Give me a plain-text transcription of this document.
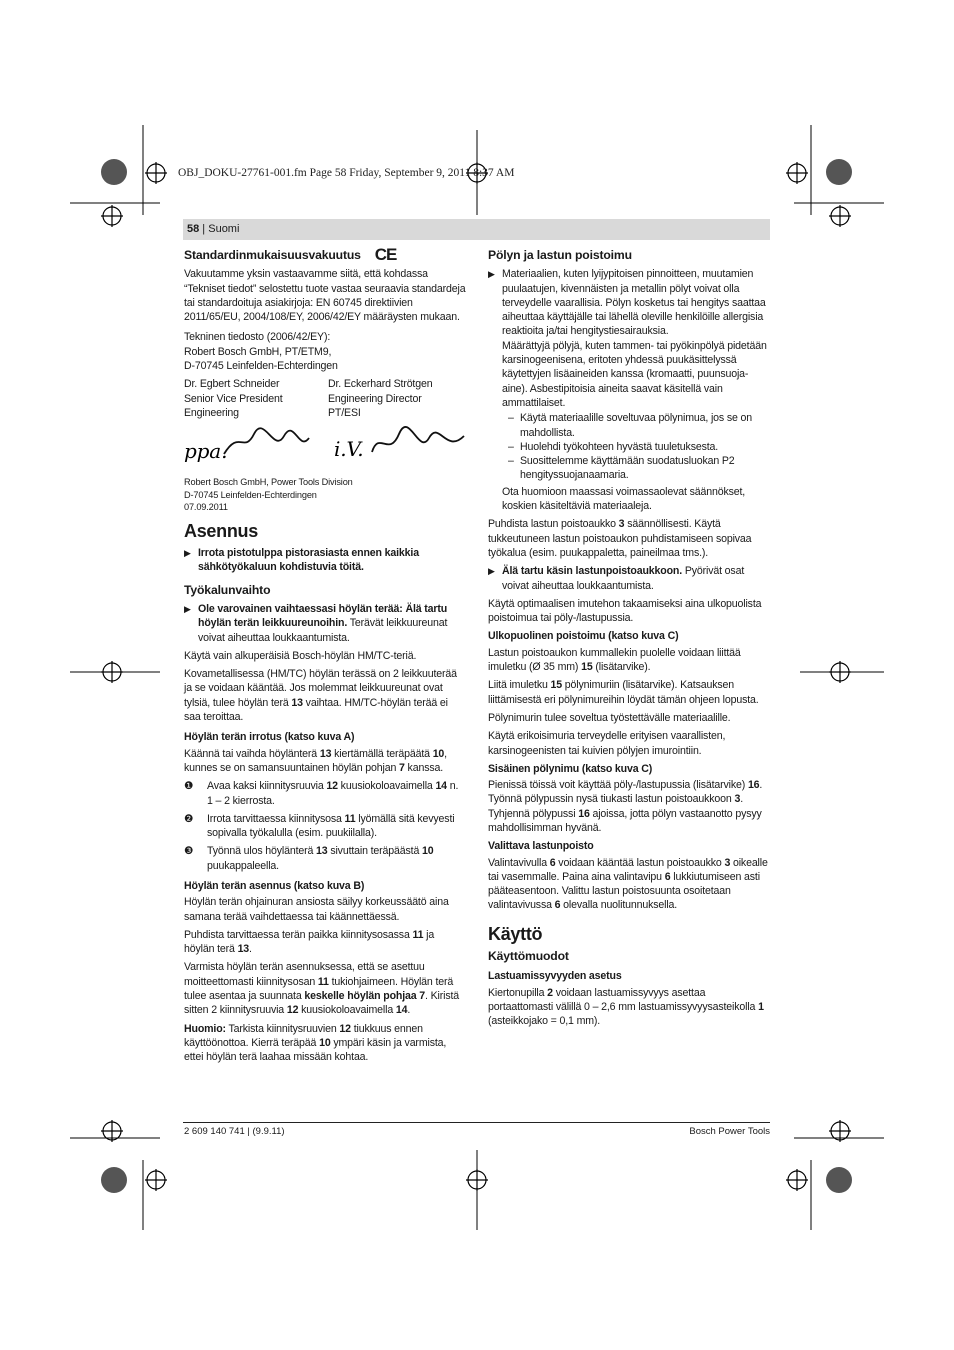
OBJ_DOKU-27761-001.fm Page 58 Friday, September 9, 2011 8:37 AM
58 | Suomi
Standardinmukaisuusvakuutus CE

Vakuutamme yksin vastaavamme siitä, että kohdassa “Tekniset tiedot” selostettu tuote vastaa seuraavia standardeja tai standardoituja asiakirjoja: EN 60745 direktiivien 2011/65/EU, 2004/108/EY, 2006/42/EY määräysten mukaan.

Tekninen tiedosto (2006/42/EY):
Robert Bosch GmbH, PT/ETM9,
D-70745 Leinfelden-Echterdingen

Dr. Egbert Schneider
Senior Vice President
Engineering
Dr. Eckerhard Strötgen
Engineering Director
PT/ESI
ppa.	i.V.

Robert Bosch GmbH, Power Tools Division
D-70745 Leinfelden-Echterdingen
07.09.2011

Asennus
▶ Irrota pistotulppa pistorasiasta ennen kaikkia sähkötyökaluun kohdistuvia töitä.
Työkalunvaihto
▶ Ole varovainen vaihtaessasi höylän terää: Älä tartu höylän terän leikkuureunoihin. Terävät leikkuureunat voivat aiheuttaa loukkaantumista.

Käytä vain alkuperäisiä Bosch-höylän HM/TC-teriä.

Kovametallisessa (HM/TC) höylän terässä on 2 leikkuuterää ja se voidaan kääntää. Jos molemmat leikkuureunat ovat tylsiä, tulee höylän terä 13 vaihtaa. HM/TC-höylän terää ei saa teroittaa.

Höylän terän irrotus (katso kuva A)

Käännä tai vaihda höylänterä 13 kiertämällä teräpäätä 10, kunnes se on samansuuntainen höylän pohjan 7 kanssa.

❶ Avaa kaksi kiinnitysruuvia 12 kuusiokoloavaimella 14 n. 1 – 2 kierrosta.
❷ Irrota tarvittaessa kiinnitysosa 11 lyömällä sitä kevyesti sopivalla työkalulla (esim. puukiilalla).
❸ Työnnä ulos höylänterä 13 sivuttain teräpäästä 10 puukappaleella.
Höylän terän asennus (katso kuva B)

Höylän terän ohjainuran ansiosta säilyy korkeussäätö aina samana terää vaihdettaessa tai käännettäessä.

Puhdista tarvittaessa terän paikka kiinnitysosassa 11 ja höylän terä 13.

Varmista höylän terän asennuksessa, että se asettuu moitteettomasti kiinnitysosan 11 tukiohjaimeen. Höylän terä tulee asentaa ja suunnata keskelle höylän pohjaa 7. Kiristä sitten 2 kiinnitysruuvia 12 kuusiokoloavaimella 14.

Huomio: Tarkista kiinnitysruuvien 12 tiukkuus ennen käyttöönottoa. Kierrä teräpää 10 ympäri käsin ja varmista, ettei höylän terä laahaa missään kohtaa.

Pölyn ja lastun poistoimu
▶ Materiaalien, kuten lyijypitoisen pinnoitteen, muutamien puulaatujen, kivennäisten ja metallin pölyt voivat olla terveydelle vaarallisia. Pölyn kosketus tai hengitys saattaa aiheuttaa käyttäjälle tai lähellä oleville henkilöille allergisia reaktioita ja/tai hengitystiesairauksia.

Määrättyjä pölyjä, kuten tammen- tai pyökinpölyä pidetään karsinogeenisena, eritoten yhdessä puukäsittelyssä käytettyjen lisäaineiden kanssa (kromaatti, puunsuoja-aine). Asbestipitoisia aineita saavat käsitellä vain ammattilaiset.

– Käytä materiaalille soveltuvaa pölynimua, jos se on mahdollista.
– Huolehdi työkohteen hyvästä tuuletuksesta.
– Suosittelemme käyttämään suodatusluokan P2 hengityssuojanaamaria.

Ota huomioon maassasi voimassaolevat säännökset, koskien käsiteltäviä materiaaleja.

Puhdista lastun poistoaukko 3 säännöllisesti. Käytä tukkeutuneen lastun poistoaukon puhdistamiseen sopivaa työkalua (esim. puukappaletta, paineilmaa tms.).

▶ Älä tartu käsin lastunpoistoaukkoon. Pyörivät osat voivat aiheuttaa loukkaantumista.

Käytä optimaalisen imutehon takaamiseksi aina ulkopuolista poistoimua tai pöly-/lastupussia.

Ulkopuolinen poistoimu (katso kuva C)

Lastun poistoaukon kummallekin puolelle voidaan liittää imuletku (Ø 35 mm) 15 (lisätarvike).

Liitä imuletku 15 pölynimuriin (lisätarvike). Katsauksen liittämisestä eri pölynimureihin löydät tämän ohjeen lopusta.

Pölynimurin tulee soveltua työstettävälle materiaalille.

Käytä erikoisimuria terveydelle erityisen vaarallisten, karsinogeenisten tai kuivien pölyjen imurointiin.

Sisäinen pölynimu (katso kuva C)

Pienissä töissä voit käyttää pöly-/lastupussia (lisätarvike) 16. Työnnä pölypussin nysä tiukasti lastun poistoaukkoon 3. Tyhjennä pölypussi 16 ajoissa, jotta pölyn vastaanotto pysyy mahdollisimman hyvänä.

Valittava lastunpoisto

Valintavivulla 6 voidaan kääntää lastun poistoaukko 3 oikealle tai vasemmalle. Paina aina valintavipu 6 lukkiutumiseen asti pääteasentoon. Valittu lastun poistosuunta osoitetaan valintavivussa 6 olevalla nuolitunnuksella.

Käyttö
Käyttömuodot
Lastuamissyvyyden asetus

Kiertonupilla 2 voidaan lastuamissyvyys asettaa portaattomasti välillä 0 – 2,6 mm lastuamissyvyysasteikolla 1 (asteikkojako = 0,1 mm).

2 609 140 741 | (9.9.11)	Bosch Power Tools
